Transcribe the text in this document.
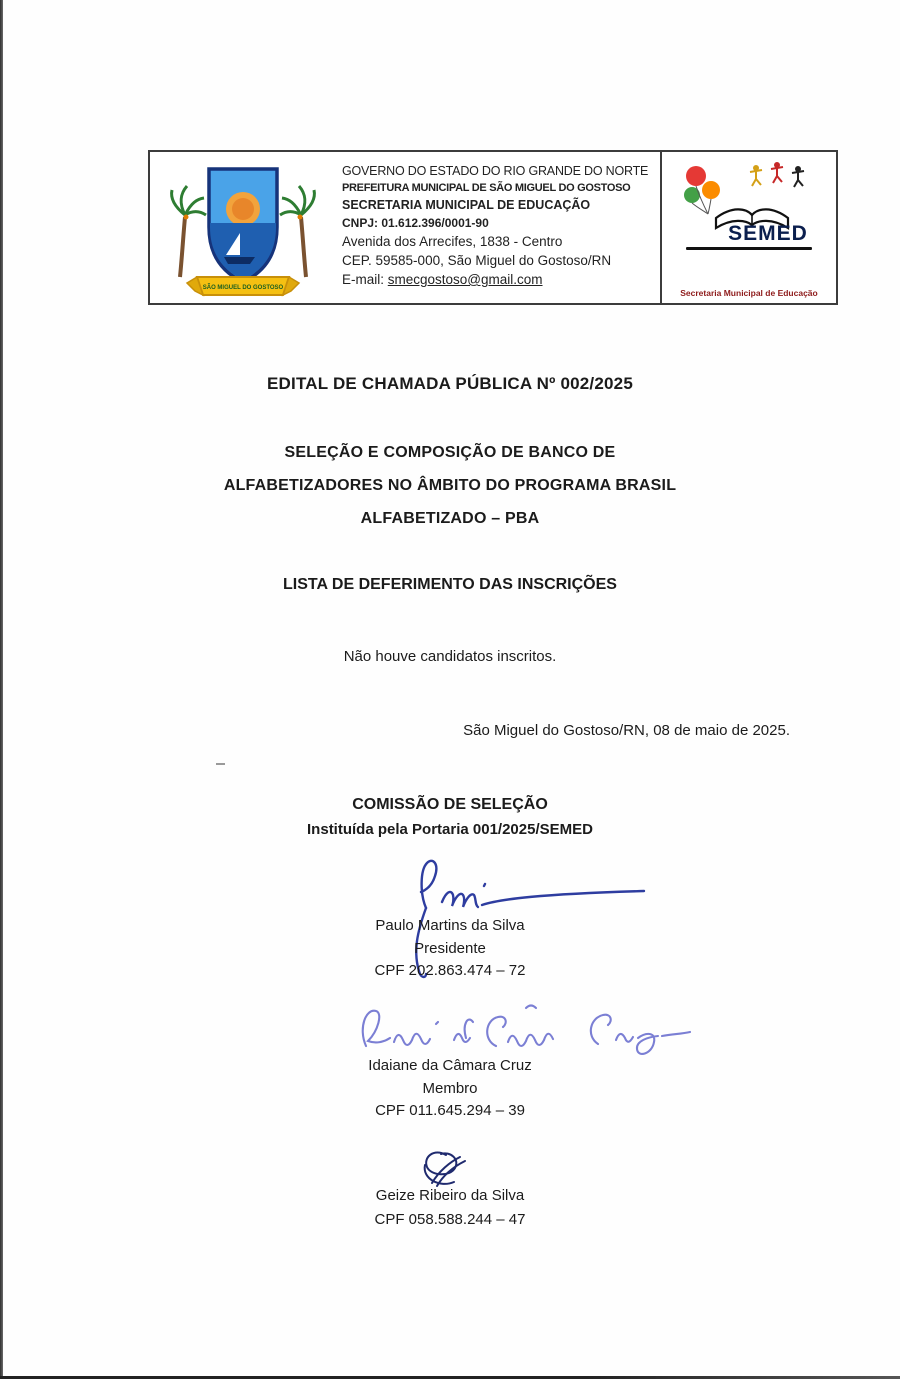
SÃO MIGUEL DO GOSTOSO
GOVERNO DO ESTADO DO RIO GRANDE DO NORTE
PREFEITURA MUNICIPAL DE SÃO MIGUEL DO GOSTOSO
SECRETARIA MUNICIPAL DE EDUCAÇÃO
CNPJ: 01.612.396/0001-90
Avenida dos Arrecifes, 1838 - Centro
CEP. 59585-000, São Miguel do Gostoso/RN
E-mail: smecgostoso@gmail.com
SEMED
Secretaria Municipal de Educação
EDITAL DE CHAMADA PÚBLICA Nº 002/2025
SELEÇÃO E COMPOSIÇÃO DE BANCO DE
ALFABETIZADORES NO ÂMBITO DO PROGRAMA BRASIL
ALFABETIZADO – PBA
LISTA DE DEFERIMENTO DAS INSCRIÇÕES
Não houve candidatos inscritos.
São Miguel do Gostoso/RN, 08 de maio de 2025.
COMISSÃO DE SELEÇÃO
Instituída pela Portaria 001/2025/SEMED
Paulo Martins da Silva
Presidente
CPF 202.863.474 – 72
Idaiane da Câmara Cruz
Membro
CPF 011.645.294 – 39
Geize Ribeiro da Silva
CPF 058.588.244 – 47
